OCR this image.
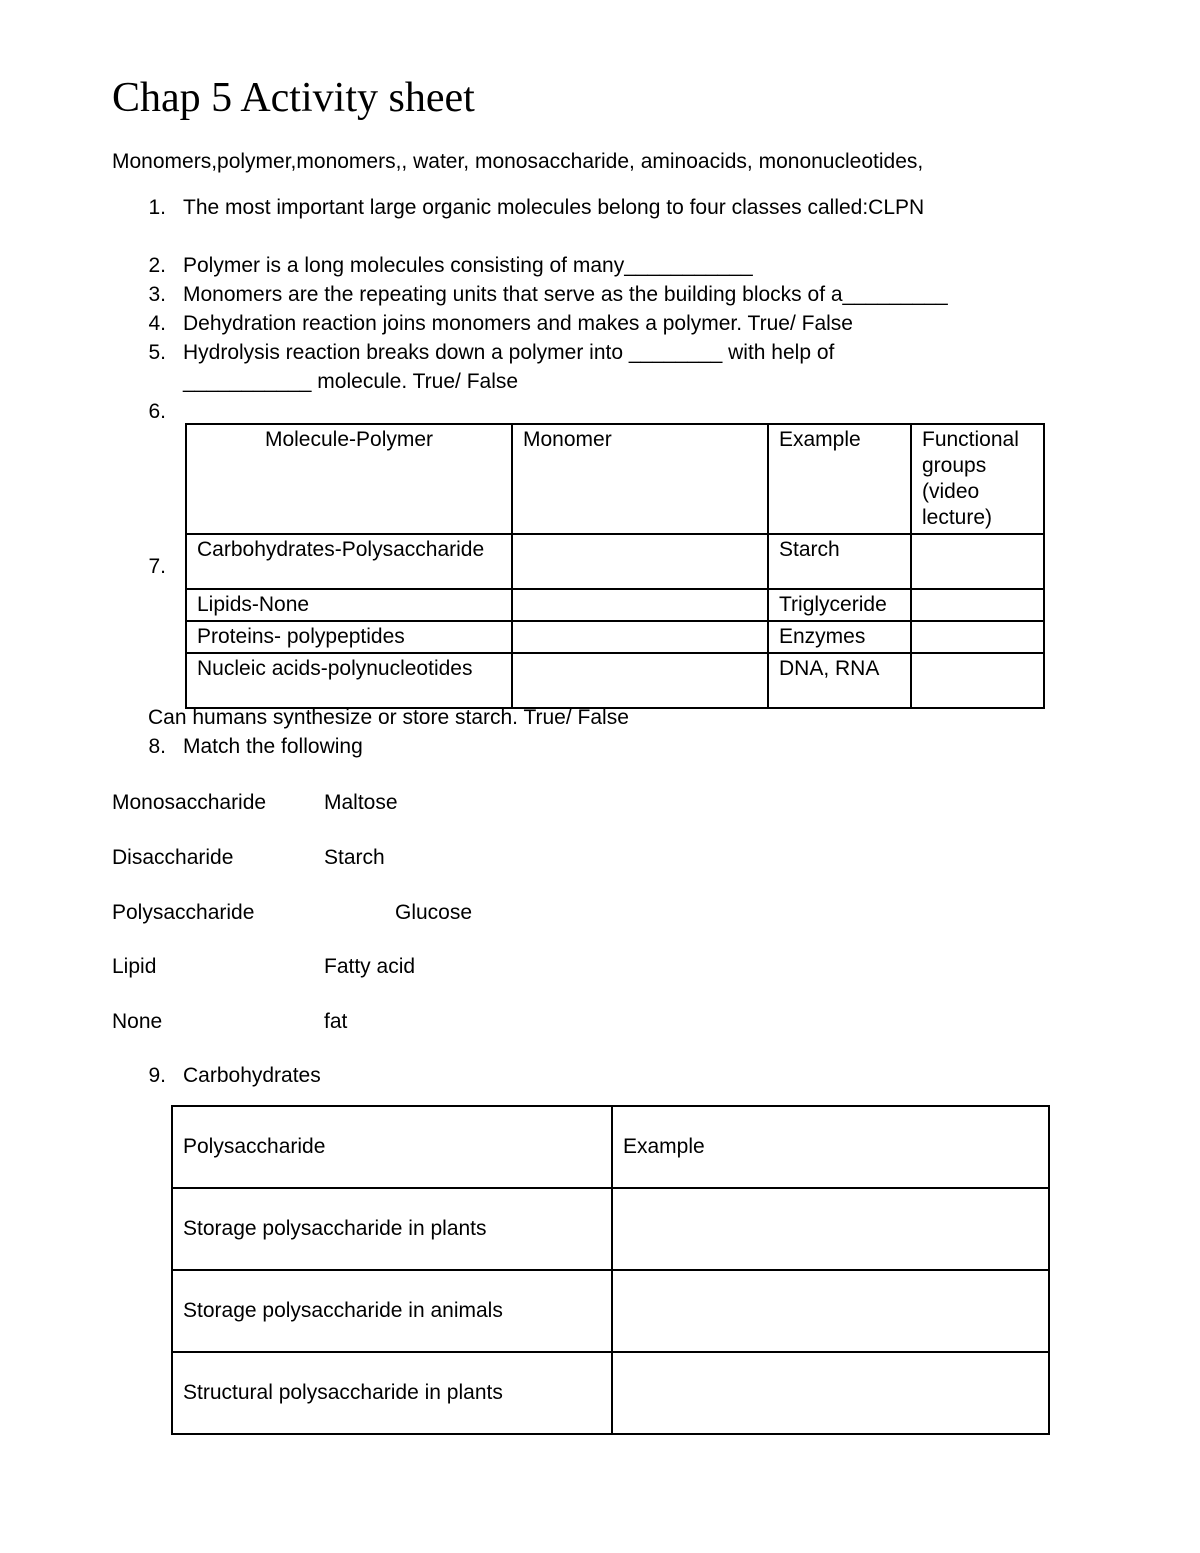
Chap 5 Activity sheet
Monomers,polymer,monomers,, water, monosaccharide, aminoacids, mononucleotides,
1. The most important large organic molecules belong to four classes called:CLPN
2. Polymer is a long molecules consisting of many___________
3. Monomers are the repeating units that serve as the building blocks of a_________
4. Dehydration reaction joins monomers and makes a polymer. True/ False
5. Hydrolysis reaction breaks down a polymer into ________ with help of
___________ molecule. True/ False
6.
Molecule-Polymer	Monomer	Example	Functional groups (video lecture)
Carbohydrates-Polysaccharide		Starch	
Lipids-None		Triglyceride	
Proteins- polypeptides		Enzymes	
Nucleic acids-polynucleotides		DNA, RNA	
7.
Can humans synthesize or store starch. True/ False
8. Match the following
Monosaccharide	Maltose
Disaccharide	Starch
Polysaccharide	Glucose
Lipid	Fatty acid
None	fat
9. Carbohydrates
Polysaccharide	Example
Storage polysaccharide in plants	
Storage polysaccharide in animals	
Structural polysaccharide in plants	
